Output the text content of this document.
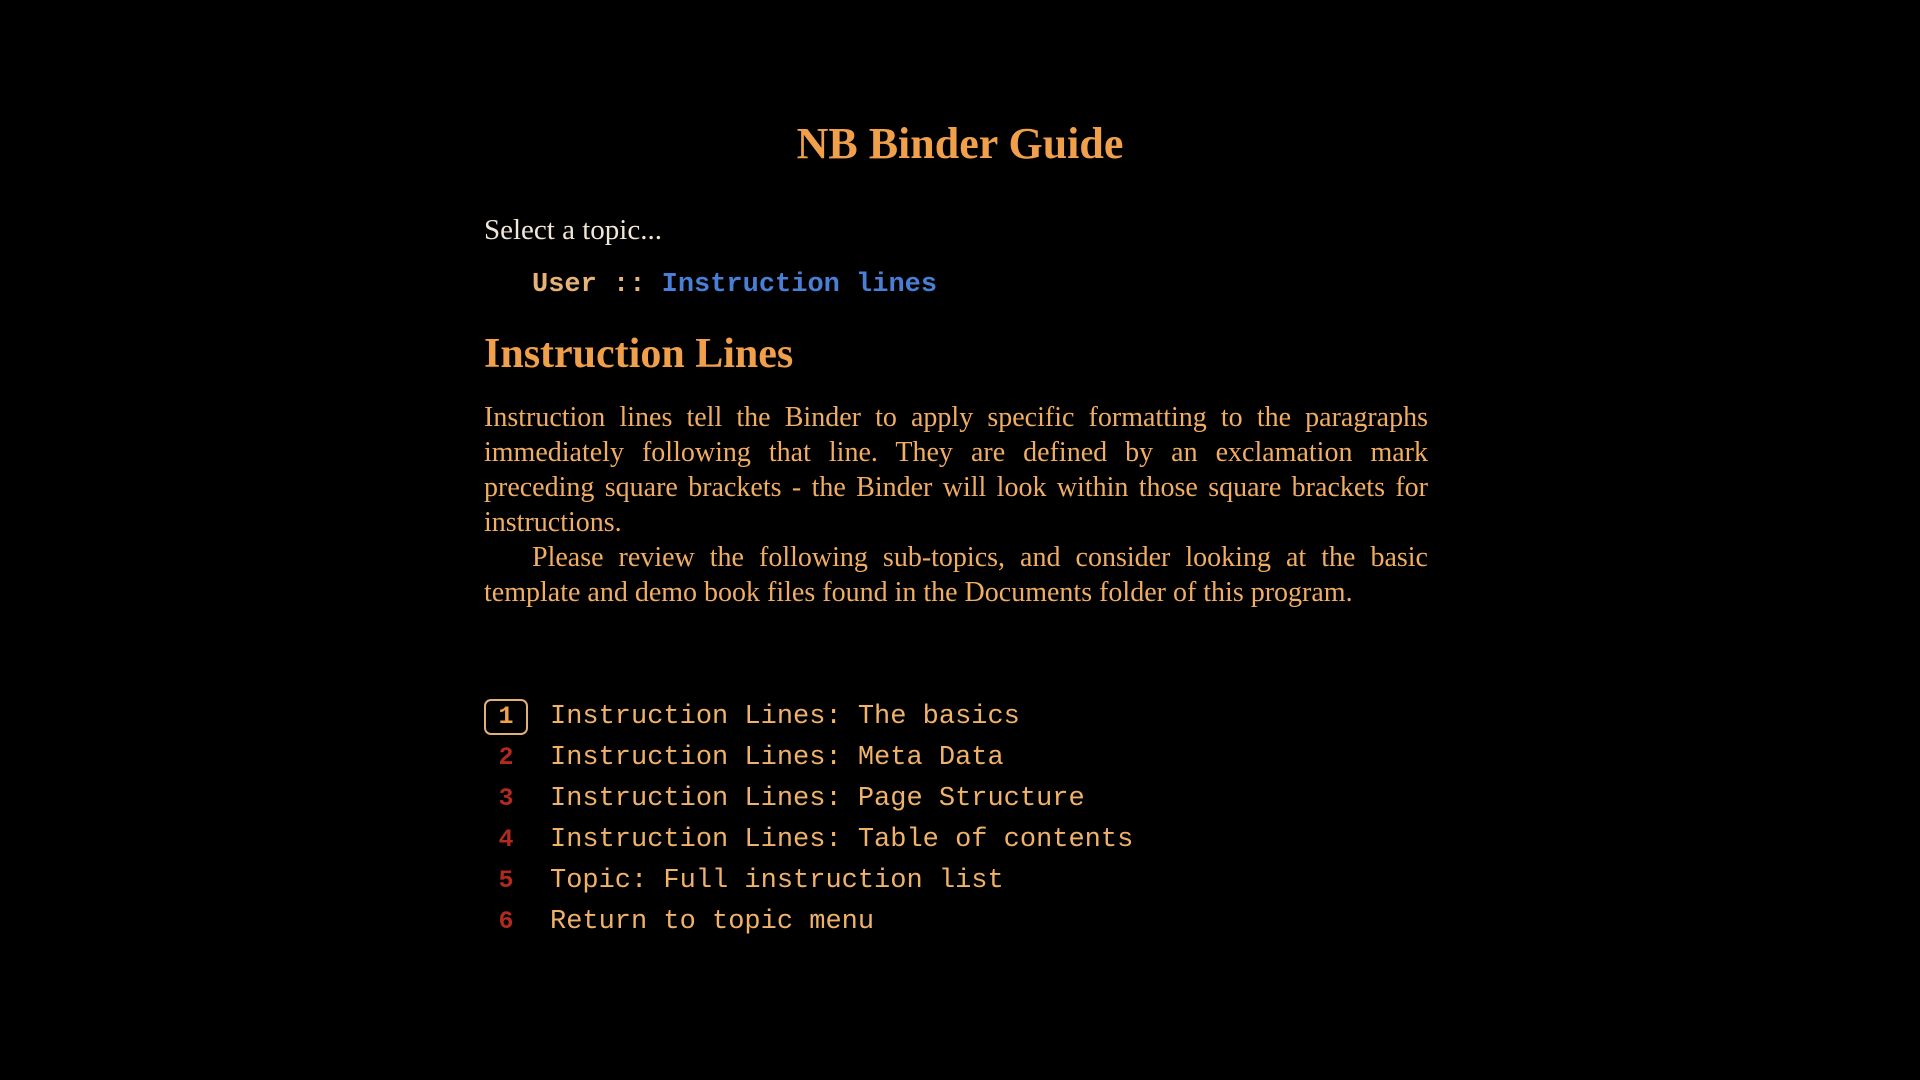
NB Binder Guide
Select a topic...
User :: Instruction lines
Instruction Lines

Instruction lines tell the Binder to apply specific formatting to the paragraphs immediately following that line. They are defined by an exclamation mark preceding square brackets - the Binder will look within those square brackets for instructions.

Please review the following sub-topics, and consider looking at the basic template and demo book files found in the Documents folder of this program.

1	Instruction Lines: The basics
2	Instruction Lines: Meta Data
3	Instruction Lines: Page Structure
4	Instruction Lines: Table of contents
5	Topic: Full instruction list
6	Return to topic menu
